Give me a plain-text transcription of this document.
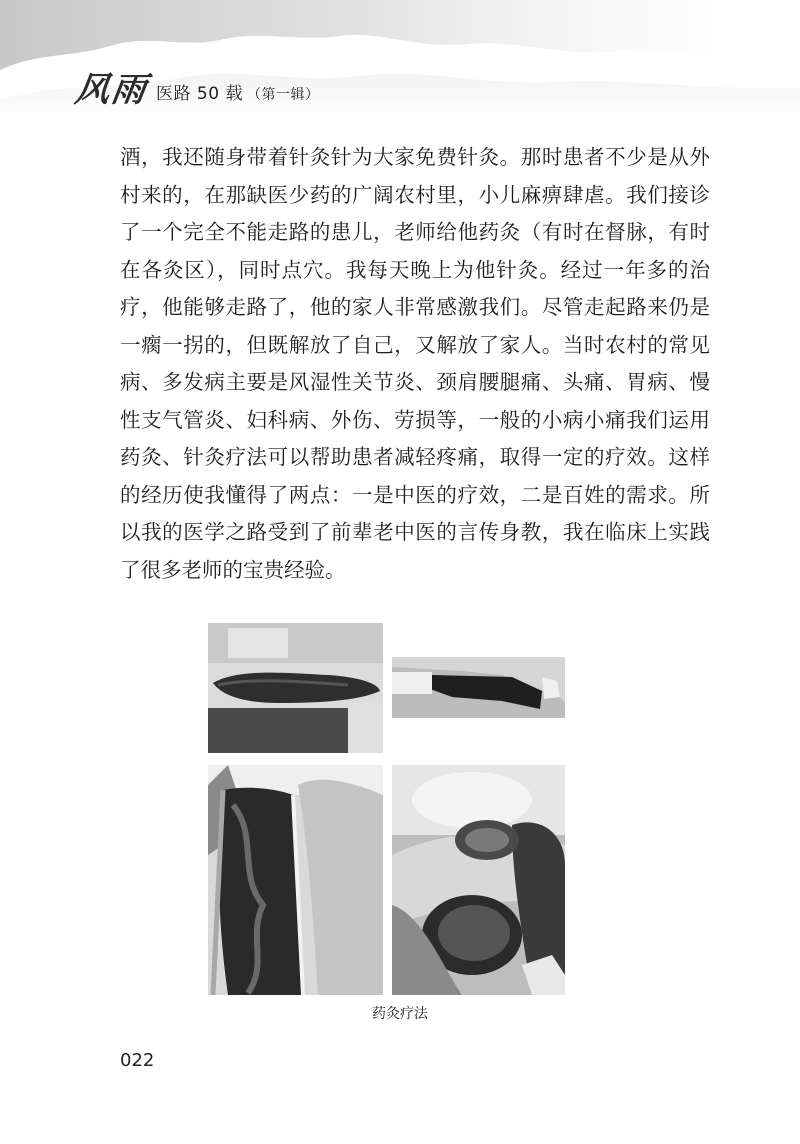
风雨 医路 50 载 （第一辑）

酒，我还随身带着针灸针为大家免费针灸。那时患者不少是从外村来的，在那缺医少药的广阔农村里，小儿麻痹肆虐。我们接诊了一个完全不能走路的患儿，老师给他药灸（有时在督脉，有时在各灸区），同时点穴。我每天晚上为他针灸。经过一年多的治疗，他能够走路了，他的家人非常感激我们。尽管走起路来仍是一瘸一拐的，但既解放了自己，又解放了家人。当时农村的常见病、多发病主要是风湿性关节炎、颈肩腰腿痛、头痛、胃病、慢性支气管炎、妇科病、外伤、劳损等，一般的小病小痛我们运用药灸、针灸疗法可以帮助患者减轻疼痛，取得一定的疗效。这样的经历使我懂得了两点：一是中医的疗效，二是百姓的需求。所以我的医学之路受到了前辈老中医的言传身教，我在临床上实践了很多老师的宝贵经验。

药灸疗法
022
